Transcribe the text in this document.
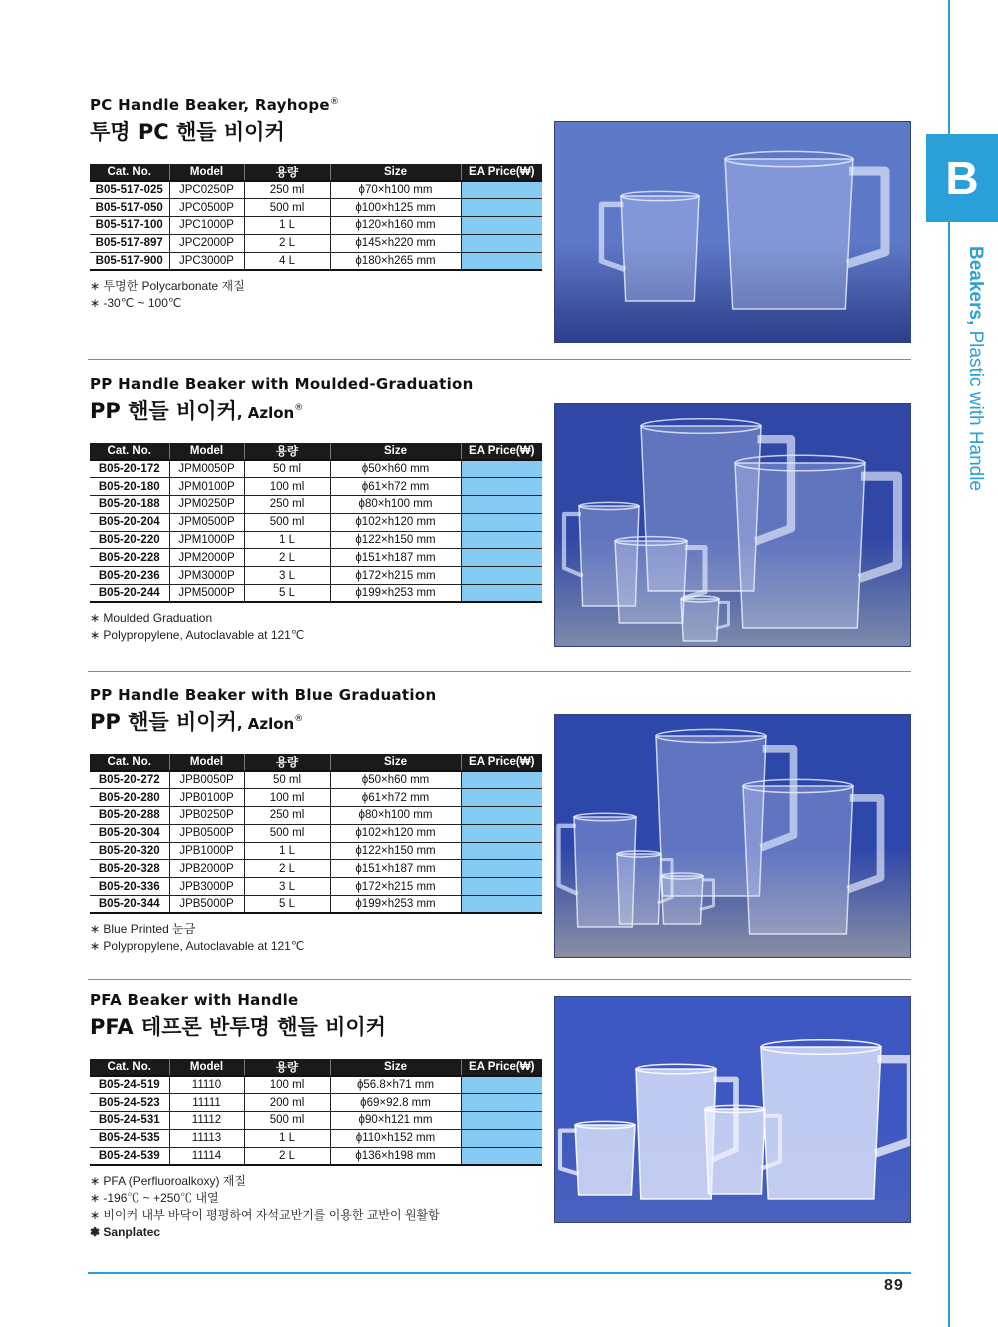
B
Beakers, Plastic with Handle
PC Handle Beaker, Rayhope®
투명 PC 핸들 비이커
Cat. No.	Model	용량	Size	EA Price(₩)
B05-517-025	JPC0250P	250 ml	ϕ70×h100 mm	
B05-517-050	JPC0500P	500 ml	ϕ100×h125 mm	
B05-517-100	JPC1000P	1 L	ϕ120×h160 mm	
B05-517-897	JPC2000P	2 L	ϕ145×h220 mm	
B05-517-900	JPC3000P	4 L	ϕ180×h265 mm	
∗ 투명한 Polycarbonate 재질
∗ -30℃ ~ 100℃
PP Handle Beaker with Moulded-Graduation
PP 핸들 비이커, Azlon®
Cat. No.	Model	용량	Size	EA Price(₩)
B05-20-172	JPM0050P	50 ml	ϕ50×h60 mm	
B05-20-180	JPM0100P	100 ml	ϕ61×h72 mm	
B05-20-188	JPM0250P	250 ml	ϕ80×h100 mm	
B05-20-204	JPM0500P	500 ml	ϕ102×h120 mm	
B05-20-220	JPM1000P	1 L	ϕ122×h150 mm	
B05-20-228	JPM2000P	2 L	ϕ151×h187 mm	
B05-20-236	JPM3000P	3 L	ϕ172×h215 mm	
B05-20-244	JPM5000P	5 L	ϕ199×h253 mm	
∗ Moulded Graduation
∗ Polypropylene, Autoclavable at 121℃
PP Handle Beaker with Blue Graduation
PP 핸들 비이커, Azlon®
Cat. No.	Model	용량	Size	EA Price(₩)
B05-20-272	JPB0050P	50 ml	ϕ50×h60 mm	
B05-20-280	JPB0100P	100 ml	ϕ61×h72 mm	
B05-20-288	JPB0250P	250 ml	ϕ80×h100 mm	
B05-20-304	JPB0500P	500 ml	ϕ102×h120 mm	
B05-20-320	JPB1000P	1 L	ϕ122×h150 mm	
B05-20-328	JPB2000P	2 L	ϕ151×h187 mm	
B05-20-336	JPB3000P	3 L	ϕ172×h215 mm	
B05-20-344	JPB5000P	5 L	ϕ199×h253 mm	
∗ Blue Printed 눈금
∗ Polypropylene, Autoclavable at 121℃
PFA Beaker with Handle
PFA 테프론 반투명 핸들 비이커
Cat. No.	Model	용량	Size	EA Price(₩)
B05-24-519	11110	100 ml	ϕ56.8×h71 mm	
B05-24-523	11111	200 ml	ϕ69×92.8 mm	
B05-24-531	11112	500 ml	ϕ90×h121 mm	
B05-24-535	11113	1 L	ϕ110×h152 mm	
B05-24-539	11114	2 L	ϕ136×h198 mm	
∗ PFA (Perfluoroalkoxy) 재질
∗ -196℃ ~ +250℃ 내열
∗ 비이커 내부 바닥이 평평하여 자석교반기를 이용한 교반이 원활함
❃ Sanplatec
89
